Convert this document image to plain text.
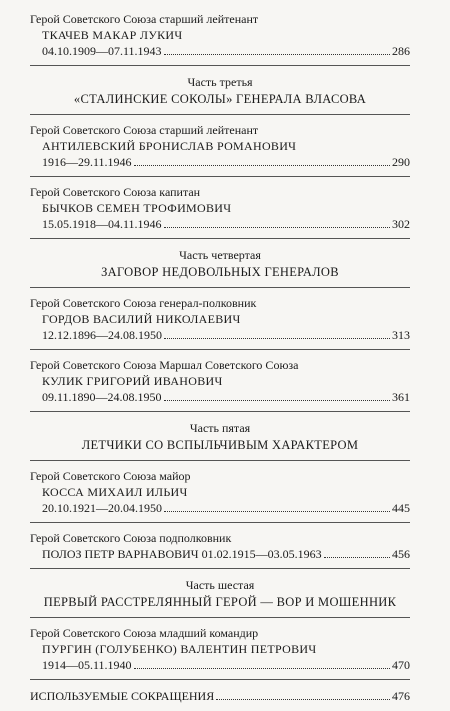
Герой Советского Союза старший лейтенант
ТКАЧЕВ МАКАР ЛУКИЧ
04.10.1909—07.11.1943	286
Часть третья
«СТАЛИНСКИЕ СОКОЛЫ» ГЕНЕРАЛА ВЛАСОВА
Герой Советского Союза старший лейтенант
АНТИЛЕВСКИЙ БРОНИСЛАВ РОМАНОВИЧ
1916—29.11.1946	290
Герой Советского Союза капитан
БЫЧКОВ СЕМЕН ТРОФИМОВИЧ
15.05.1918—04.11.1946	302
Часть четвертая
ЗАГОВОР НЕДОВОЛЬНЫХ ГЕНЕРАЛОВ
Герой Советского Союза генерал-полковник
ГОРДОВ ВАСИЛИЙ НИКОЛАЕВИЧ
12.12.1896—24.08.1950	313
Герой Советского Союза Маршал Советского Союза
КУЛИК ГРИГОРИЙ ИВАНОВИЧ
09.11.1890—24.08.1950	361
Часть пятая
ЛЕТЧИКИ СО ВСПЫЛЬЧИВЫМ ХАРАКТЕРОМ
Герой Советского Союза майор
КОССА МИХАИЛ ИЛЬИЧ
20.10.1921—20.04.1950	445
Герой Советского Союза подполковник
ПОЛОЗ ПЕТР ВАРНАВОВИЧ 01.02.1915—03.05.1963	456
Часть шестая
ПЕРВЫЙ РАССТРЕЛЯННЫЙ ГЕРОЙ — ВОР И МОШЕННИК
Герой Советского Союза младший командир
ПУРГИН (ГОЛУБЕНКО) ВАЛЕНТИН ПЕТРОВИЧ
1914—05.11.1940	470
ИСПОЛЬЗУЕМЫЕ СОКРАЩЕНИЯ	476
